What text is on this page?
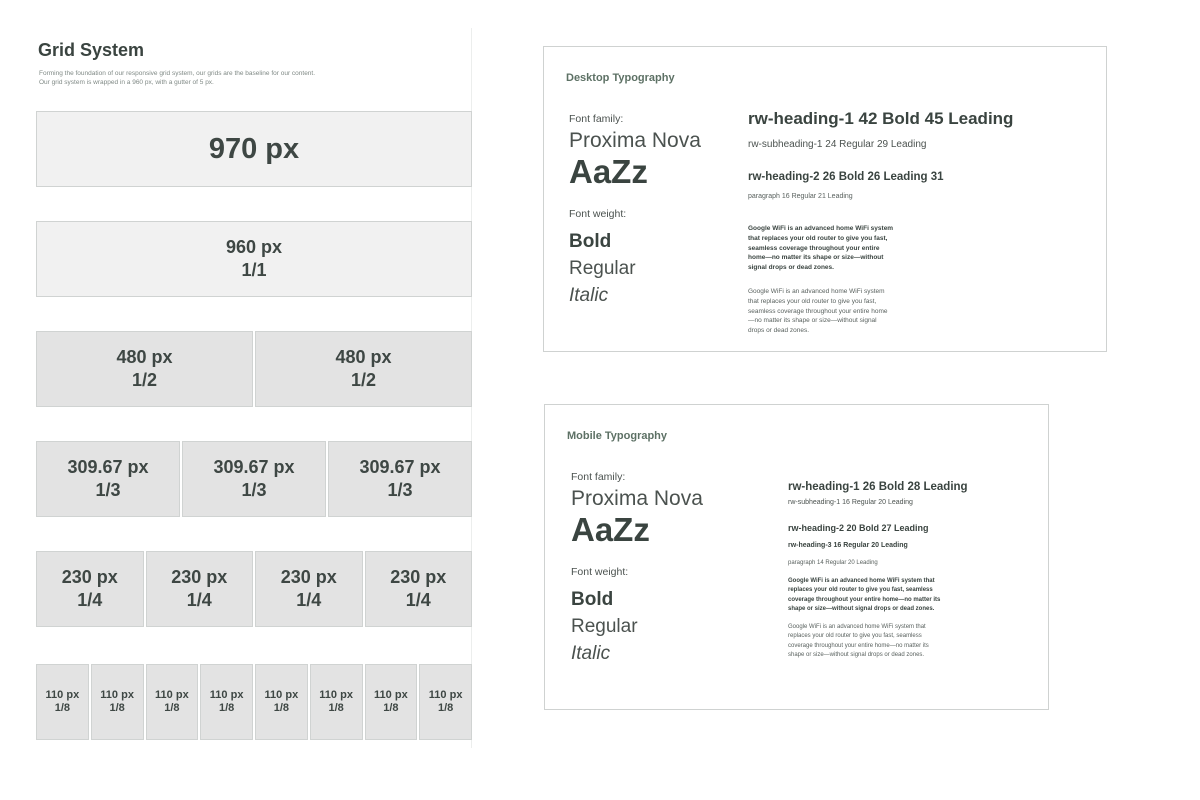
Grid System
Forming the foundation of our responsive grid system, our grids are the baseline for our content.
Our grid system is wrapped in a 960 px, with a gutter of 5 px.
970 px
960 px
1/1
480 px
1/2
480 px
1/2
309.67 px
1/3
309.67 px
1/3
309.67 px
1/3
230 px
1/4
230 px
1/4
230 px
1/4
230 px
1/4
110 px
1/8
110 px
1/8
110 px
1/8
110 px
1/8
110 px
1/8
110 px
1/8
110 px
1/8
110 px
1/8
Desktop Typography
Font family:
Proxima Nova
AaZz
Font weight:
Bold
Regular
Italic
rw-heading-1 42 Bold 45 Leading
rw-subheading-1 24 Regular 29 Leading
rw-heading-2 26 Bold 26 Leading 31
paragraph 16 Regular 21 Leading
Google WiFi is an advanced home WiFi system
that replaces your old router to give you fast,
seamless coverage throughout your entire
home—no matter its shape or size—without
signal drops or dead zones.
Google WiFi is an advanced home WiFi system
that replaces your old router to give you fast,
seamless coverage throughout your entire home
—no matter its shape or size—without signal
drops or dead zones.
Mobile Typography
Font family:
Proxima Nova
AaZz
Font weight:
Bold
Regular
Italic
rw-heading-1 26 Bold 28 Leading
rw-subheading-1 16 Regular 20 Leading
rw-heading-2 20 Bold 27 Leading
rw-heading-3 16 Regular 20 Leading
paragraph 14 Regular 20 Leading
Google WiFi is an advanced home WiFi system that
replaces your old router to give you fast, seamless
coverage throughout your entire home—no matter its
shape or size—without signal drops or dead zones.
Google WiFi is an advanced home WiFi system that
replaces your old router to give you fast, seamless
coverage throughout your entire home—no matter its
shape or size—without signal drops or dead zones.
